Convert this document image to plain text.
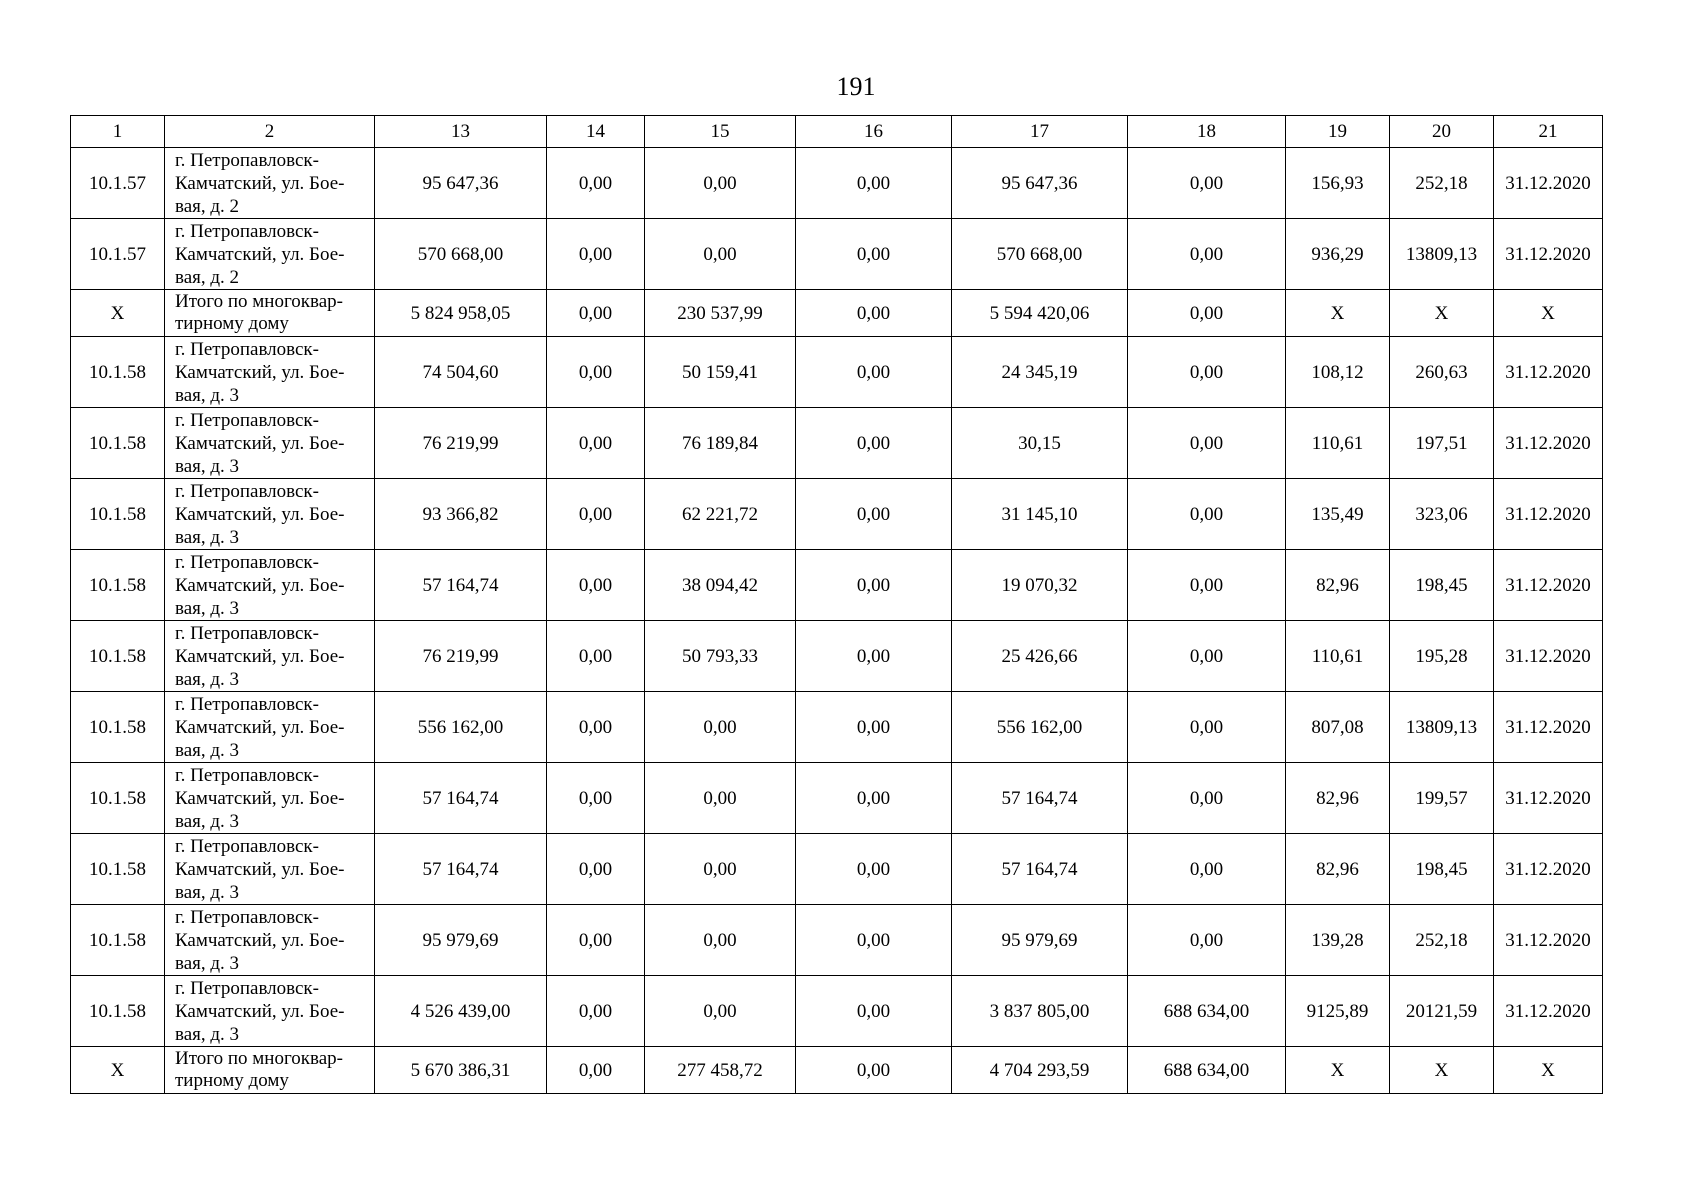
191
1	2	13	14	15	16	17	18	19	20	21
10.1.57	г. Петропавловск-
Камчатский, ул. Бое-
вая, д. 2	95 647,36	0,00	0,00	0,00	95 647,36	0,00	156,93	252,18	31.12.2020
10.1.57	г. Петропавловск-
Камчатский, ул. Бое-
вая, д. 2	570 668,00	0,00	0,00	0,00	570 668,00	0,00	936,29	13809,13	31.12.2020
X	Итого по многоквар-
тирному дому	5 824 958,05	0,00	230 537,99	0,00	5 594 420,06	0,00	X	X	X
10.1.58	г. Петропавловск-
Камчатский, ул. Бое-
вая, д. 3	74 504,60	0,00	50 159,41	0,00	24 345,19	0,00	108,12	260,63	31.12.2020
10.1.58	г. Петропавловск-
Камчатский, ул. Бое-
вая, д. 3	76 219,99	0,00	76 189,84	0,00	30,15	0,00	110,61	197,51	31.12.2020
10.1.58	г. Петропавловск-
Камчатский, ул. Бое-
вая, д. 3	93 366,82	0,00	62 221,72	0,00	31 145,10	0,00	135,49	323,06	31.12.2020
10.1.58	г. Петропавловск-
Камчатский, ул. Бое-
вая, д. 3	57 164,74	0,00	38 094,42	0,00	19 070,32	0,00	82,96	198,45	31.12.2020
10.1.58	г. Петропавловск-
Камчатский, ул. Бое-
вая, д. 3	76 219,99	0,00	50 793,33	0,00	25 426,66	0,00	110,61	195,28	31.12.2020
10.1.58	г. Петропавловск-
Камчатский, ул. Бое-
вая, д. 3	556 162,00	0,00	0,00	0,00	556 162,00	0,00	807,08	13809,13	31.12.2020
10.1.58	г. Петропавловск-
Камчатский, ул. Бое-
вая, д. 3	57 164,74	0,00	0,00	0,00	57 164,74	0,00	82,96	199,57	31.12.2020
10.1.58	г. Петропавловск-
Камчатский, ул. Бое-
вая, д. 3	57 164,74	0,00	0,00	0,00	57 164,74	0,00	82,96	198,45	31.12.2020
10.1.58	г. Петропавловск-
Камчатский, ул. Бое-
вая, д. 3	95 979,69	0,00	0,00	0,00	95 979,69	0,00	139,28	252,18	31.12.2020
10.1.58	г. Петропавловск-
Камчатский, ул. Бое-
вая, д. 3	4 526 439,00	0,00	0,00	0,00	3 837 805,00	688 634,00	9125,89	20121,59	31.12.2020
X	Итого по многоквар-
тирному дому	5 670 386,31	0,00	277 458,72	0,00	4 704 293,59	688 634,00	X	X	X
